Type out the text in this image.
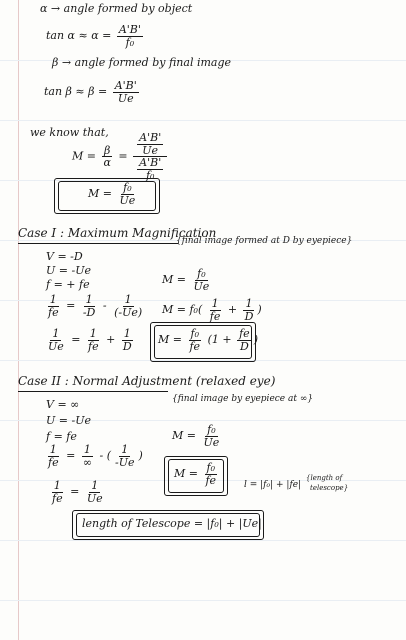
α → angle formed by object
$\tan \alpha \approx \alpha = \frac{A'B'}{\text{f₀}}$
β → angle formed by final image
$\tan \beta \approx \beta = \frac{A'B'}{Ue}$
we know that,
$M = \frac{\beta}{\alpha} = \frac{\frac{A'B'}{Ue}}{\frac{A'B'}{\text{f₀}}}$
$M = \frac{\text{f₀}}{Ue}$
Case I : Maximum Magnification
{final image formed at D by eyepiece}
V = -D
U = -Ue
f = + fe
$\frac{1}{fe} = \frac{1}{-D} - \frac{1}{(-Ue)}$
$\frac{1}{Ue} = \frac{1}{fe} + \frac{1}{D}$
$M = \frac{\text{f₀}}{Ue}$
$M = f_0( \frac{1}{fe} + \frac{1}{D}$ )
$M = \frac{\text{f₀}}{fe} (1 + \frac{fe}{D}$ )
Case II : Normal Adjustment (relaxed eye)
{final image by eyepiece at ∞}
V = ∞
U = -Ue
f = fe
$\frac{1}{fe} = \frac{1}{\infty}$ - ( $\frac{1}{-Ue}$ )
$\frac{1}{fe} = \frac{1}{Ue}$
$M = \frac{\text{f₀}}{Ue}$
$M = \frac{\text{f₀}}{fe}$	l = |f₀| + |fe|
{length of
telescope}
length of Telescope = |f₀| + |Ue|
